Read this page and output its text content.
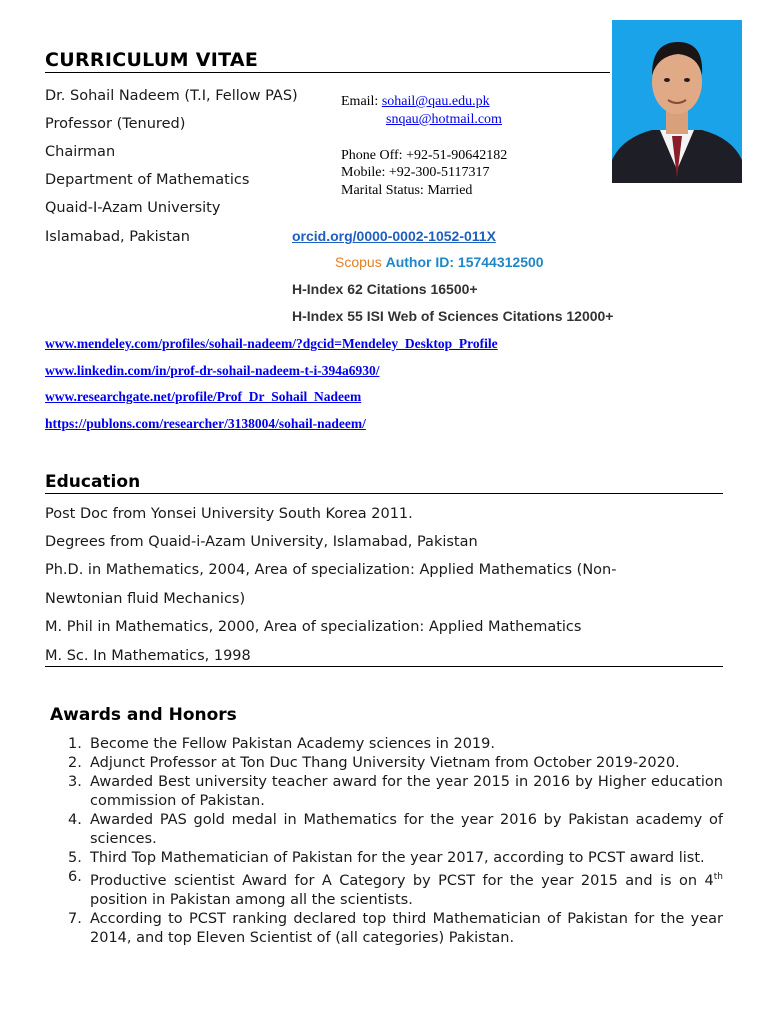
CURRICULUM VITAE
Dr. Sohail Nadeem (T.I, Fellow PAS)
Professor (Tenured)
Chairman
Department of Mathematics
Quaid-I-Azam University
Islamabad, Pakistan
Email: sohail@qau.edu.pk
snqau@hotmail.com
Phone Off: +92-51-90642182
Mobile: +92-300-5117317
Marital Status: Married
orcid.org/0000-0002-1052-011X
Scopus Author ID: 15744312500
H-Index 62 Citations 16500+
H-Index 55 ISI Web of Sciences Citations 12000+
www.mendeley.com/profiles/sohail-nadeem/?dgcid=Mendeley_Desktop_Profile
www.linkedin.com/in/prof-dr-sohail-nadeem-t-i-394a6930/
www.researchgate.net/profile/Prof_Dr_Sohail_Nadeem
https://publons.com/researcher/3138004/sohail-nadeem/
Education
Post Doc from Yonsei University South Korea 2011.
Degrees from Quaid-i-Azam University, Islamabad, Pakistan
Ph.D. in Mathematics, 2004, Area of specialization: Applied Mathematics (Non-
Newtonian fluid Mechanics)
M. Phil in Mathematics, 2000, Area of specialization: Applied Mathematics
M. Sc. In Mathematics, 1998
Awards and Honors
1. Become the Fellow Pakistan Academy sciences in 2019.
2. Adjunct Professor at Ton Duc Thang University Vietnam from October 2019-2020.
3. Awarded Best university teacher award for the year 2015 in 2016 by Higher education commission of Pakistan.
4. Awarded PAS gold medal in Mathematics for the year 2016 by Pakistan academy of sciences.
5. Third Top Mathematician of Pakistan for the year 2017, according to PCST award list.
6. Productive scientist Award for A Category by PCST for the year 2015 and is on 4th position in Pakistan among all the scientists.
7. According to PCST ranking declared top third Mathematician of Pakistan for the year 2014, and top Eleven Scientist of (all categories) Pakistan.
